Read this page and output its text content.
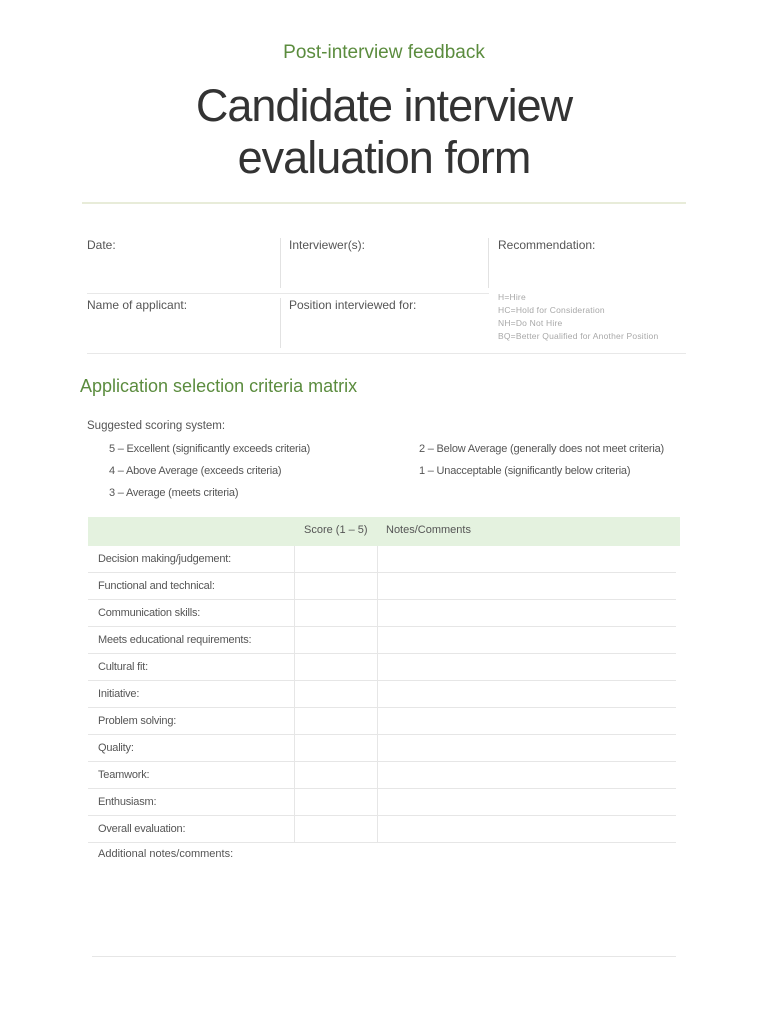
Post-interview feedback
Candidate interview
evaluation form
Date:	Interviewer(s):	Recommendation:
Name of applicant:	Position interviewed for:
H=Hire
HC=Hold for Consideration
NH=Do Not Hire
BQ=Better Qualified for Another Position
Application selection criteria matrix
Suggested scoring system:
5 – Excellent (significantly exceeds criteria)
4 – Above Average (exceeds criteria)
3 – Average (meets criteria)
2 – Below Average (generally does not meet criteria)
1 – Unacceptable (significantly below criteria)
Score (1 – 5) Notes/Comments
Decision making/judgement:
Functional and technical:
Communication skills:
Meets educational requirements:
Cultural fit:
Initiative:
Problem solving:
Quality:
Teamwork:
Enthusiasm:
Overall evaluation:
Additional notes/comments:
